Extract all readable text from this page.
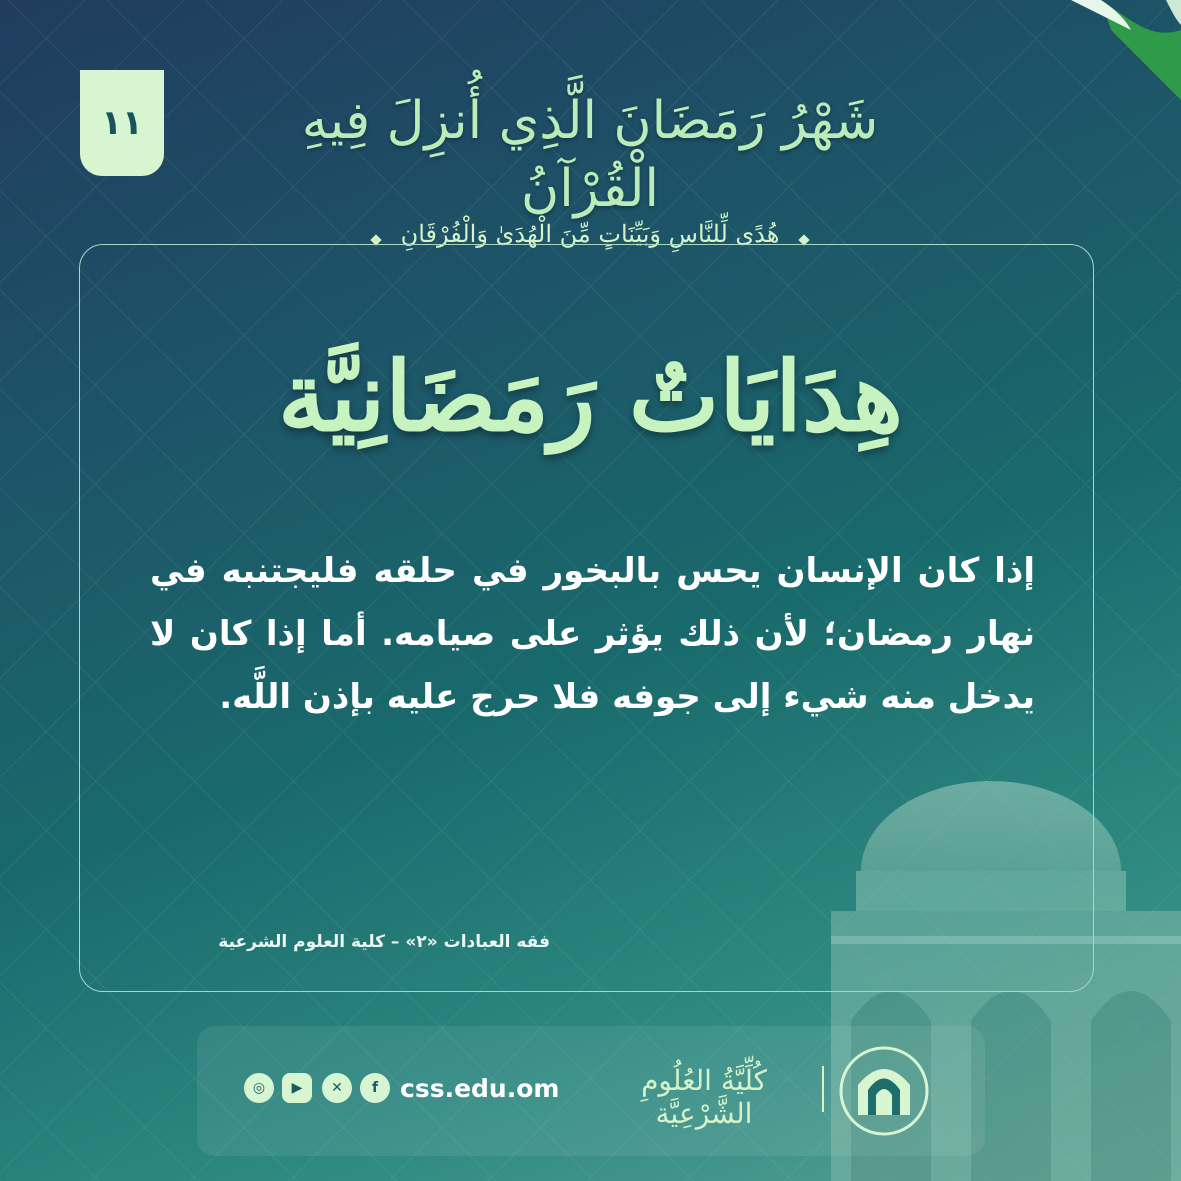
١١	شَهْرُ رَمَضَانَ الَّذِي أُنزِلَ فِيهِ الْقُرْآنُ
هُدًى لِّلنَّاسِ وَبَيِّنَاتٍ مِّنَ الْهُدَىٰ وَالْفُرْقَانِ
هِدَايَاتٌ رَمَضَانِيَّة
إذا كان الإنسان يحس بالبخور في حلقه فليجتنبه في نهار رمضان؛ لأن ذلك يؤثر على صيامه. أما إذا كان لا يدخل منه شيء إلى جوفه فلا حرج عليه بإذن اللَّه.
فقه العبادات «٢» – كلية العلوم الشرعية
◎	▶	✕	f css.edu.om	كُلِّيَّةُ العُلُومِ الشَّرْعِيَّة
